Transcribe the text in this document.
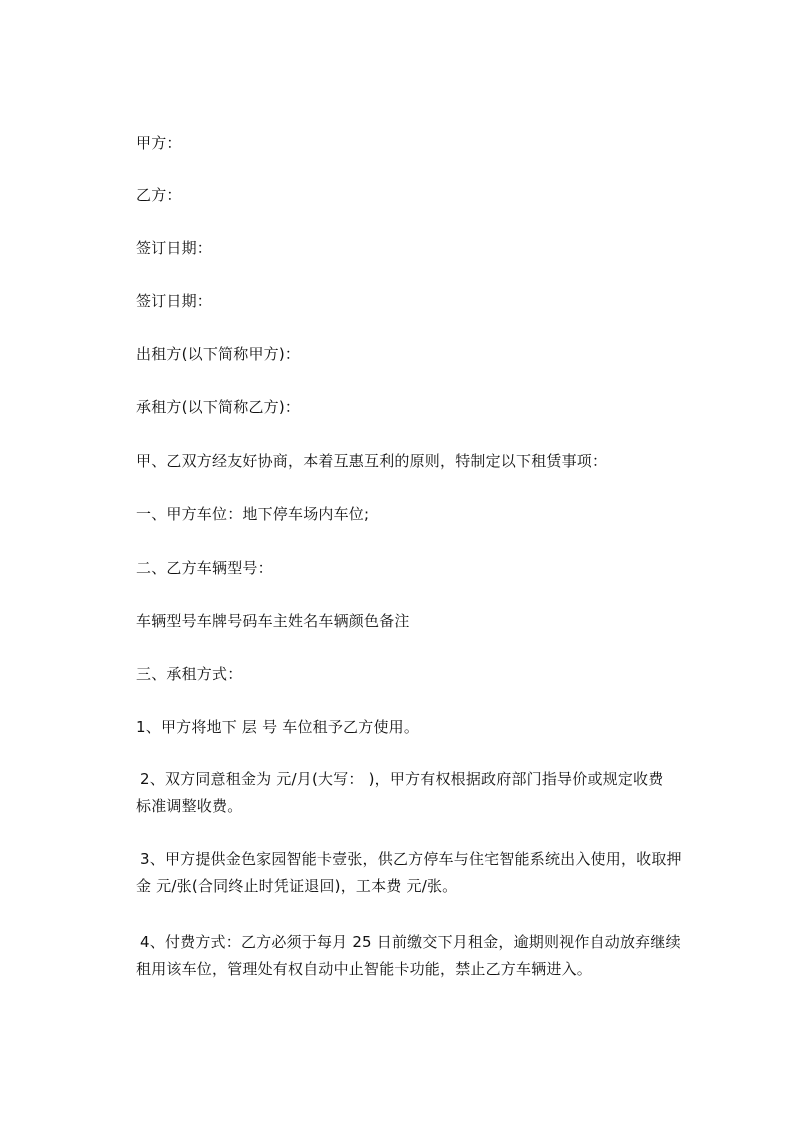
甲方：
乙方：
签订日期：
签订日期：
出租方(以下简称甲方)：
承租方(以下简称乙方)：
甲、乙双方经友好协商，本着互惠互利的原则，特制定以下租赁事项：
一、甲方车位：地下停车场内车位;
二、乙方车辆型号：
车辆型号车牌号码车主姓名车辆颜色备注
三、承租方式：
1、甲方将地下 层 号 车位租予乙方使用。
2、双方同意租金为 元/月(大写： )，甲方有权根据政府部门指导价或规定收费
标准调整收费。
3、甲方提供金色家园智能卡壹张，供乙方停车与住宅智能系统出入使用，收取押
金 元/张(合同终止时凭证退回)，工本费 元/张。
4、付费方式：乙方必须于每月 25 日前缴交下月租金，逾期则视作自动放弃继续
租用该车位，管理处有权自动中止智能卡功能，禁止乙方车辆进入。
